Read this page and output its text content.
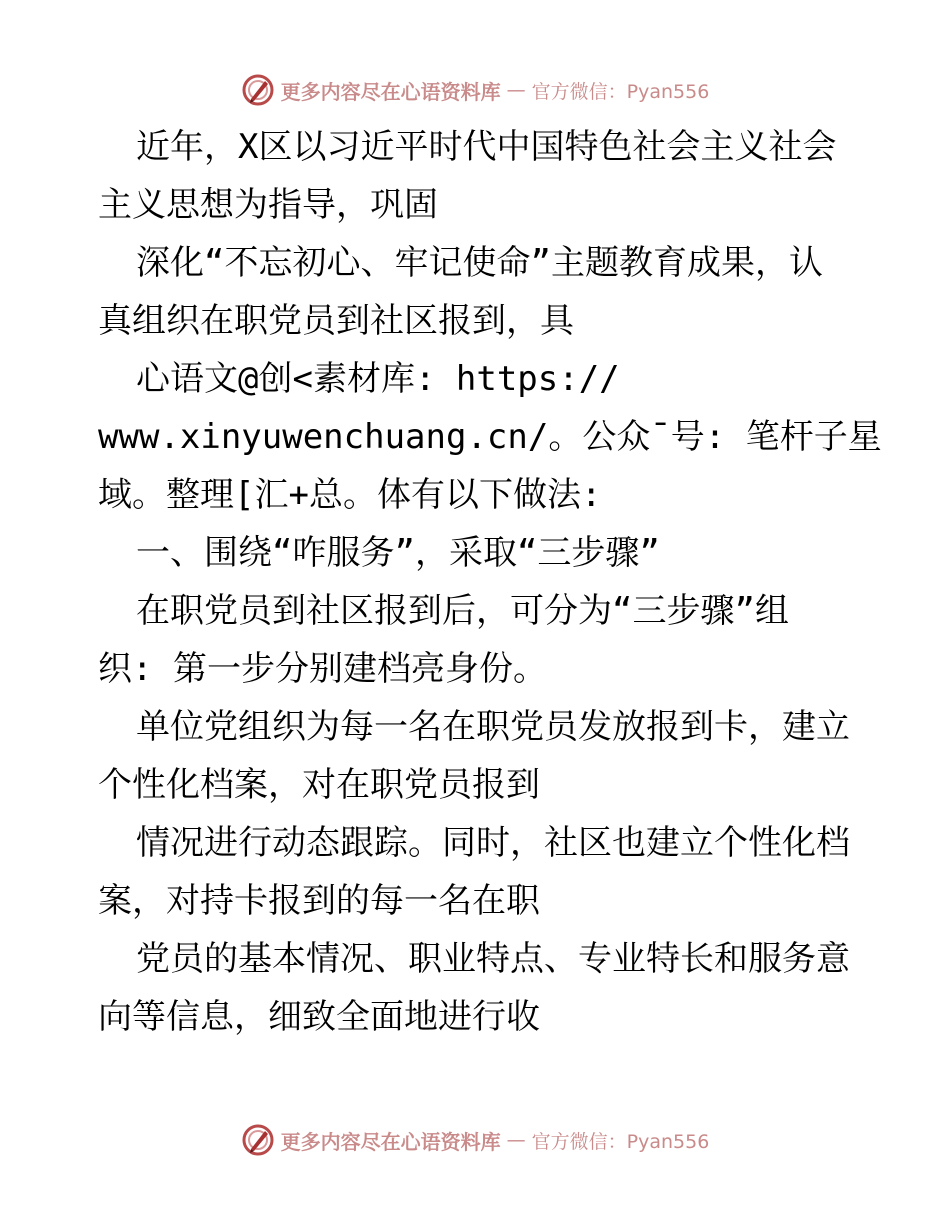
更多内容尽在心语资料库 — 官方微信：Pyan556
近年，X区以习近平时代中国特色社会主义社会
主义思想为指导，巩固
深化“不忘初心、牢记使命”主题教育成果，认
真组织在职党员到社区报到，具
心语文@创<素材库: https://
www.xinyuwenchuang.cn/。公众¯号: 笔杆子星
域。整理[汇+总。体有以下做法:
一、围绕“咋服务”，采取“三步骤”
在职党员到社区报到后，可分为“三步骤”组
织: 第一步分别建档亮身份。
单位党组织为每一名在职党员发放报到卡，建立
个性化档案，对在职党员报到
情况进行动态跟踪。同时，社区也建立个性化档
案，对持卡报到的每一名在职
党员的基本情况、职业特点、专业特长和服务意
向等信息，细致全面地进行收
更多内容尽在心语资料库 — 官方微信：Pyan556
